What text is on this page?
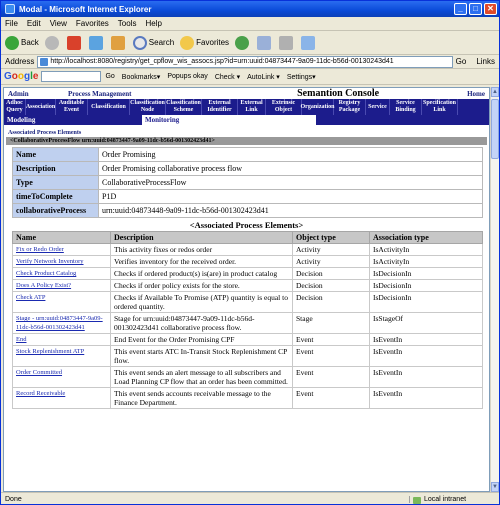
Modal - Microsoft Internet Explorer	_	□	✕
File Edit View Favorites Tools Help
Back	Search	Favorites
Address	http://localhost:8080/registry/get_cpflow_wis_assocs.jsp?id=urn:uuid:04873447-9a09-11dc-b56d-00130243d41	Go Links
Google	Go Bookmarks▾ Popups okay Check ▾ AutoLink ▾ Settings▾
Admin	Process Management	Semantion Console	Home
Adhoc Query
Association
Auditable Event
Classification
Classification Node
Classification Scheme
External Identifier
External Link
Extrinsic Object
Organization
Registry Package
Service
Service Binding
Specification Link
Modeling	Monitoring
Associated Process Elements
<CollaborativeProcessFlow urn:uuid:04873447-9a09-11dc-b56d-001302423d41>
Name	Order Promising
Description	Order Promising collaborative process flow
Type	CollaborativeProcessFlow
timeToComplete	P1D
collaborativeProcess	urn:uuid:04873448-9a09-11dc-b56d-001302423d41
<Associated Process Elements>
Name	Description	Object type	Association type
Fix or Redo Order	This activity fixes or redos order	Activity	IsActivityIn
Verify Network Inventory	Verifies inventory for the received order.	Activity	IsActivityIn
Check Product Catalog	Checks if ordered product(s) is(are) in product catalog	Decision	IsDecisionIn
Does A Policy Exist?	Checks if order policy exists for the store.	Decision	IsDecisionIn
Check ATP	Checks if Available To Promise (ATP) quantity is equal to ordered quantity.	Decision	IsDecisionIn
Stage - urn:uuid:04873447-9a09-11dc-b56d-001302423d41	Stage for urn:uuid:04873447-9a09-11dc-b56d-001302423d41 collaborative process flow.	Stage	IsStageOf
End	End Event for the Order Promising CPF	Event	IsEventIn
Stock Replenishment ATP	This event starts ATC In-Transit Stock Replenishment CP flow.	Event	IsEventIn
Order Committed	This event sends an alert message to all subscribers and Load Planning CP flow that an order has been committed.	Event	IsEventIn
Record Receivable	This event sends accounts receivable message to the Finance Department.	Event	IsEventIn
▲
▼
Done	Local intranet
